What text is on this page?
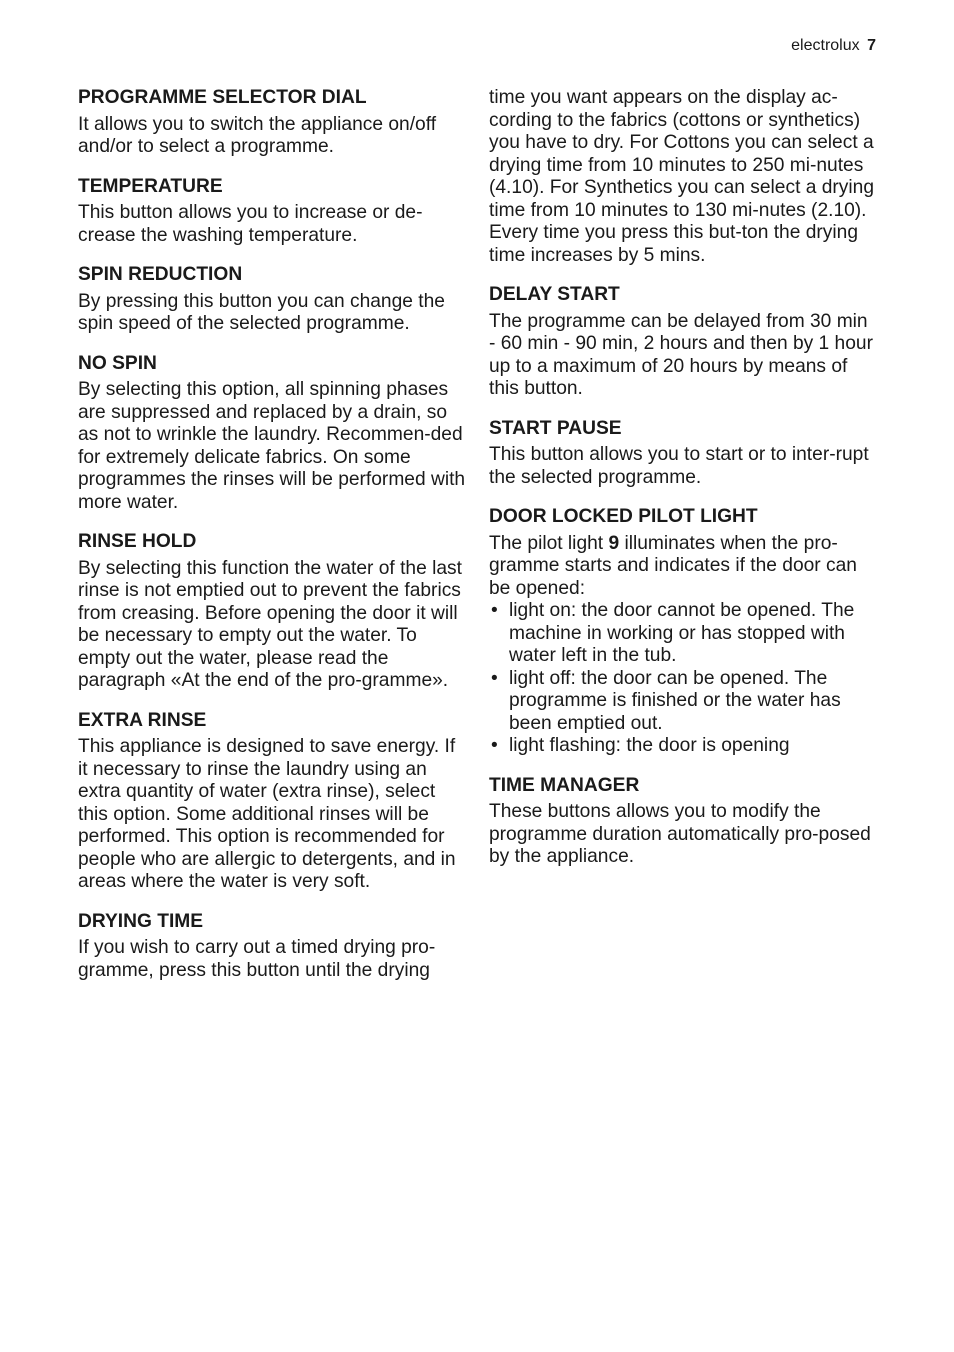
electrolux 7
PROGRAMME SELECTOR DIAL

It allows you to switch the appliance on/off and/or to select a programme.

TEMPERATURE

This button allows you to increase or de-crease the washing temperature.

SPIN REDUCTION

By pressing this button you can change the spin speed of the selected programme.

NO SPIN

By selecting this option, all spinning phases are suppressed and replaced by a drain, so as not to wrinkle the laundry. Recommen-ded for extremely delicate fabrics. On some programmes the rinses will be performed with more water.

RINSE HOLD

By selecting this function the water of the last rinse is not emptied out to prevent the fabrics from creasing. Before opening the door it will be necessary to empty out the water. To empty out the water, please read the paragraph «At the end of the pro-gramme».

EXTRA RINSE

This appliance is designed to save energy. If it necessary to rinse the laundry using an extra quantity of water (extra rinse), select this option. Some additional rinses will be performed. This option is recommended for people who are allergic to detergents, and in areas where the water is very soft.

DRYING TIME

If you wish to carry out a timed drying pro-gramme, press this button until the drying

time you want appears on the display ac-cording to the fabrics (cottons or synthetics) you have to dry. For Cottons you can select a drying time from 10 minutes to 250 mi-nutes (4.10). For Synthetics you can select a drying time from 10 minutes to 130 mi-nutes (2.10). Every time you press this but-ton the drying time increases by 5 mins.

DELAY START

The programme can be delayed from 30 min - 60 min - 90 min, 2 hours and then by 1 hour up to a maximum of 20 hours by means of this button.

START PAUSE

This button allows you to start or to inter-rupt the selected programme.

DOOR LOCKED PILOT LIGHT

The pilot light 9 illuminates when the pro-gramme starts and indicates if the door can be opened:

• light on: the door cannot be opened. The machine in working or has stopped with water left in the tub.
• light off: the door can be opened. The programme is finished or the water has been emptied out.
• light flashing: the door is opening
TIME MANAGER

These buttons allows you to modify the programme duration automatically pro-posed by the appliance.
